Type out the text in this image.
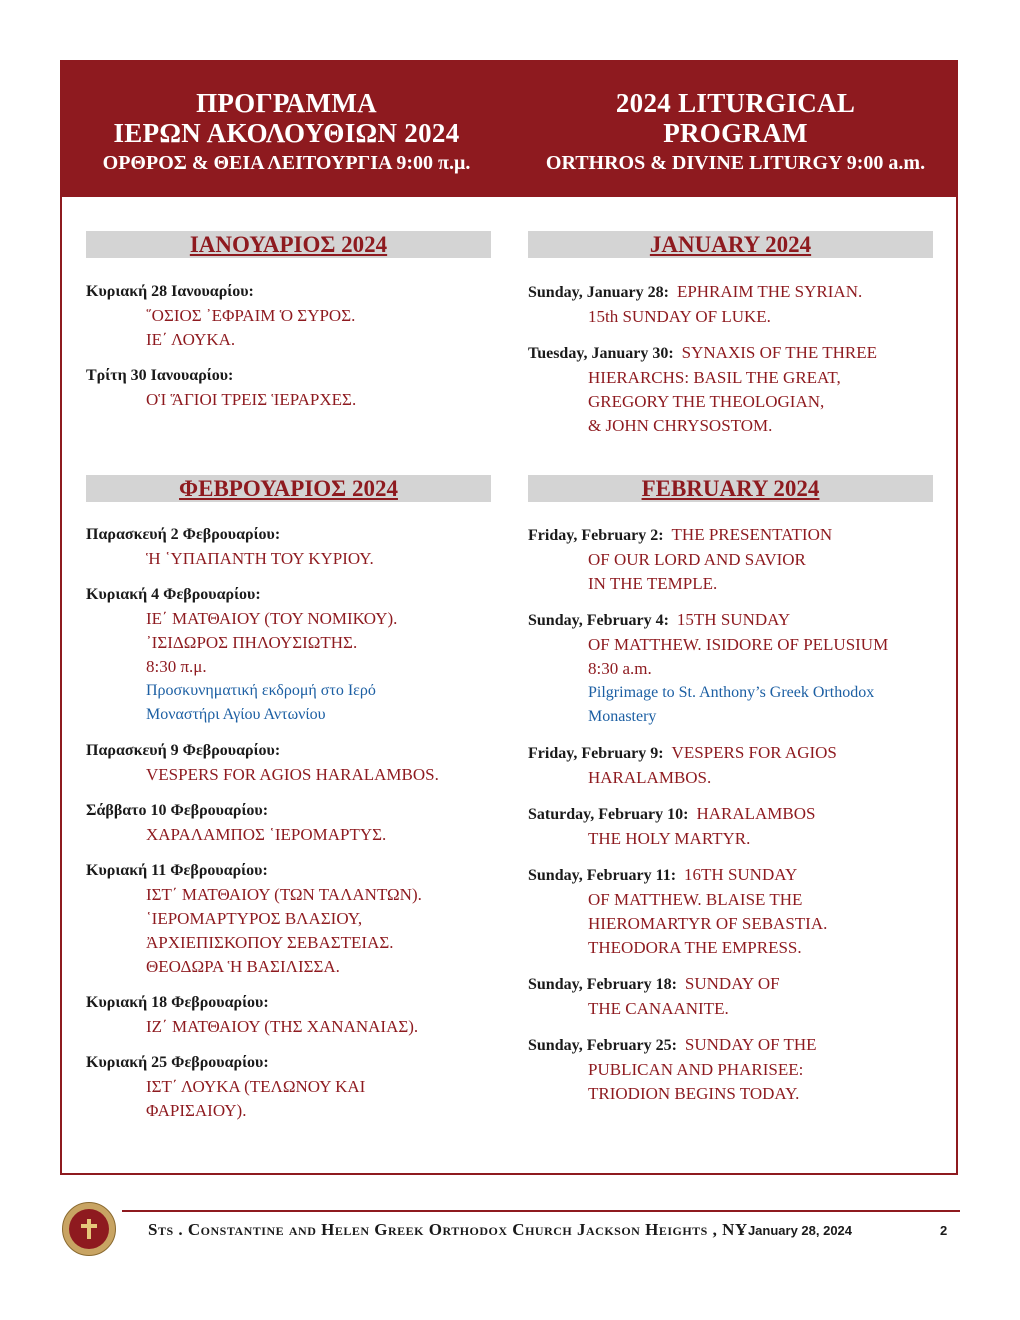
ΠΡΟΓΡΑΜΜΑ
ΙΕΡΩΝ ΑΚΟΛΟΥΘΙΩΝ 2024
ΟΡΘΡΟΣ & ΘΕΙΑ ΛΕΙΤΟΥΡΓΙΑ 9:00 π.μ.
2024 LITURGICAL
PROGRAM
ORTHROS & DIVINE LITURGY 9:00 a.m.
ΙΑΝΟΥΑΡΙΟΣ 2024	JANUARY 2024
ΦΕΒΡΟΥΑΡΙΟΣ 2024	FEBRUARY 2024
Κυριακή 28 Ιανουαρίου:
῞ΟΣΙΟΣ ᾿ΕΦΡΑΙΜ Ὁ ΣΥΡΟΣ.
ΙΕ΄ ΛΟΥΚΑ.
Τρίτη 30 Ιανουαρίου:
ΟἹ ἍΓΙΟΙ ΤΡΕΙΣ ἹΕΡΑΡΧΕΣ.
Sunday, January 28: EPHRAIM THE SYRIAN.
15th SUNDAY OF LUKE.
Tuesday, January 30: SYNAXIS OF THE THREE
HIERARCHS: BASIL THE GREAT,
GREGORY THE THEOLOGIAN,
& JOHN CHRYSOSTOM.
Παρασκευή 2 Φεβρουαρίου:
Ἡ ῾ΥΠΑΠΑΝΤΗ ΤΟΥ ΚΥΡΙΟΥ.
Κυριακή 4 Φεβρουαρίου:
ΙΕ΄ ΜΑΤΘΑΙΟΥ (ΤΟΥ ΝΟΜΙΚΟΥ).
᾿ΙΣΙΔΩΡΟΣ ΠΗΛΟΥΣΙΩΤΗΣ.
8:30 π.μ.
Προσκυνηματική εκδρομή στο Ιερό
Μοναστήρι Αγίου Αντωνίου
Παρασκευή 9 Φεβρουαρίου:
VESPERS FOR AGIOS HARALAMBOS.
Σάββατο 10 Φεβρουαρίου:
ΧΑΡΑΛΑΜΠΟΣ ῾ΙΕΡΟΜΑΡΤΥΣ.
Κυριακή 11 Φεβρουαρίου:
ΙΣΤ΄ ΜΑΤΘΑΙΟΥ (ΤΩΝ ΤΑΛΑΝΤΩΝ).
῾ΙΕΡΟΜΑΡΤΥΡΟΣ ΒΛΑΣΙΟΥ,
ἈΡΧΙΕΠΙΣΚΟΠΟΥ ΣΕΒΑΣΤΕΙΑΣ.
ΘΕΟΔΩΡΑ Ἡ ΒΑΣΙΛΙΣΣΑ.
Κυριακή 18 Φεβρουαρίου:
ΙΖ΄ ΜΑΤΘΑΙΟΥ (ΤΗΣ ΧΑΝΑΝΑΙΑΣ).
Κυριακή 25 Φεβρουαρίου:
ΙΣΤ΄ ΛΟΥΚΑ (ΤΕΛΩΝΟΥ ΚΑΙ
ΦΑΡΙΣΑΙΟΥ).
Friday, February 2: THE PRESENTATION
OF OUR LORD AND SAVIOR
IN THE TEMPLE.
Sunday, February 4: 15TH SUNDAY
OF MATTHEW. ISIDORE OF PELUSIUM
8:30 a.m.
Pilgrimage to St. Anthony’s Greek Orthodox
Monastery
Friday, February 9: VESPERS FOR AGIOS
HARALAMBOS.
Saturday, February 10: HARALAMBOS
THE HOLY MARTYR.
Sunday, February 11: 16TH SUNDAY
OF MATTHEW. BLAISE THE
HIEROMARTYR OF SEBASTIA.
THEODORA THE EMPRESS.
Sunday, February 18: SUNDAY OF
THE CANAANITE.
Sunday, February 25: SUNDAY OF THE
PUBLICAN AND PHARISEE:
TRIODION BEGINS TODAY.
Sts . Constantine and Helen Greek Orthodox Church Jackson Heights , NY
- January 28, 2024	2
